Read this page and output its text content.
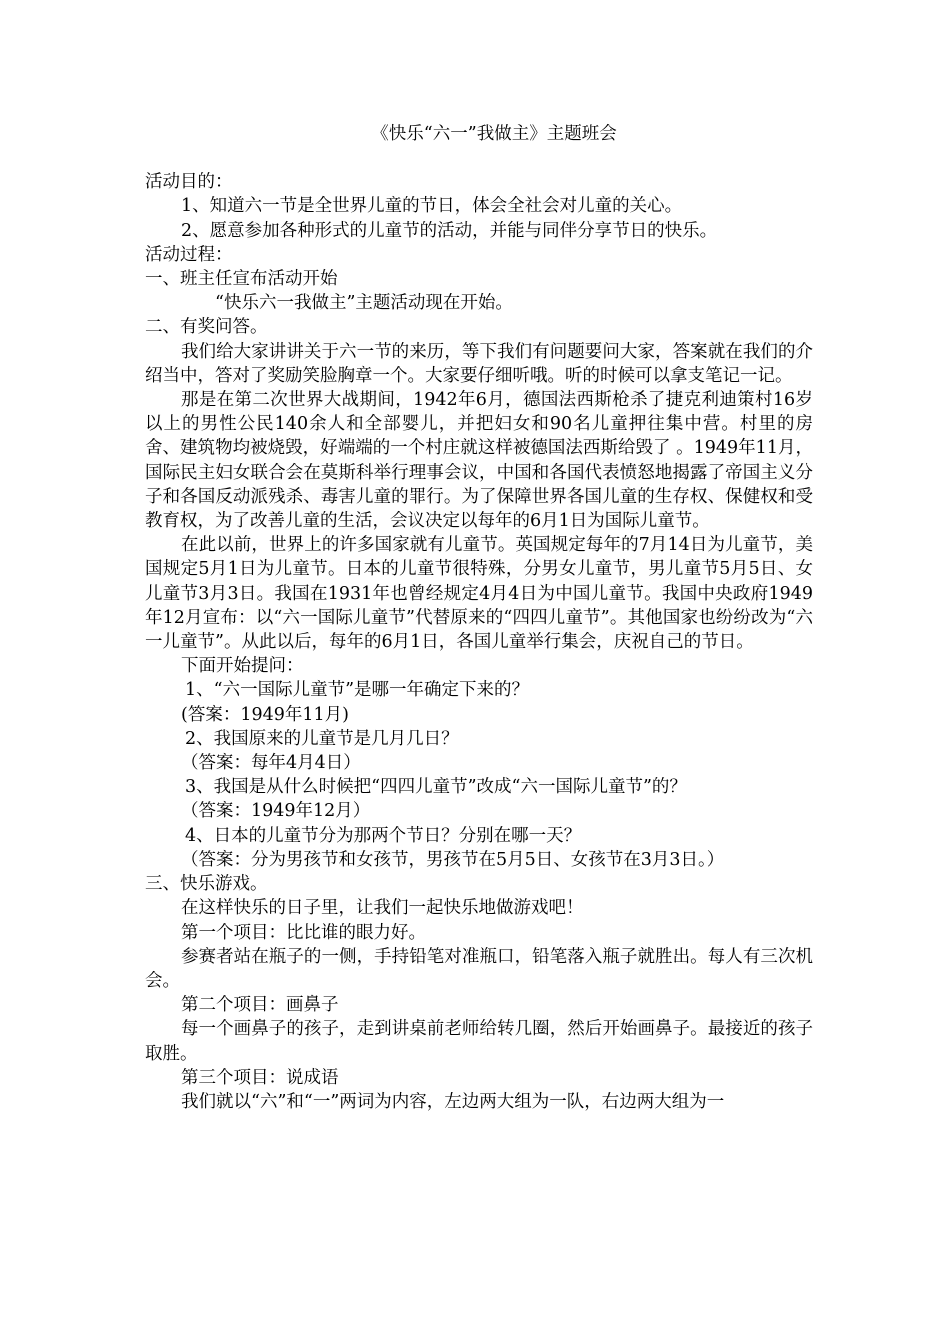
《快乐“六一”我做主》主题班会
活动目的：
1、知道六一节是全世界儿童的节日，体会全社会对儿童的关心。
2、愿意参加各种形式的儿童节的活动，并能与同伴分享节日的快乐。
活动过程：
一、班主任宣布活动开始
“快乐六一我做主”主题活动现在开始。
二、有奖问答。
我们给大家讲讲关于六一节的来历，等下我们有问题要问大家，答案就在我们的介绍当中，答对了奖励笑脸胸章一个。大家要仔细听哦。听的时候可以拿支笔记一记。
那是在第二次世界大战期间，1942年6月，德国法西斯枪杀了捷克利迪策村16岁以上的男性公民140余人和全部婴儿，并把妇女和90名儿童押往集中营。村里的房舍、建筑物均被烧毁，好端端的一个村庄就这样被德国法西斯给毁了 。1949年11月，国际民主妇女联合会在莫斯科举行理事会议，中国和各国代表愤怒地揭露了帝国主义分子和各国反动派残杀、毒害儿童的罪行。为了保障世界各国儿童的生存权、保健权和受教育权，为了改善儿童的生活，会议决定以每年的6月1日为国际儿童节。
在此以前，世界上的许多国家就有儿童节。英国规定每年的7月14日为儿童节，美国规定5月1日为儿童节。日本的儿童节很特殊，分男女儿童节，男儿童节5月5日、女儿童节3月3日。我国在1931年也曾经规定4月4日为中国儿童节。我国中央政府1949年12月宣布：以“六一国际儿童节”代替原来的“四四儿童节”。其他国家也纷纷改为“六一儿童节”。从此以后，每年的6月1日，各国儿童举行集会，庆祝自己的节日。
下面开始提问：
1、“六一国际儿童节”是哪一年确定下来的？
(答案：1949年11月)
2、我国原来的儿童节是几月几日？
（答案：每年4月4日）
3、我国是从什么时候把“四四儿童节”改成“六一国际儿童节”的？
（答案：1949年12月）
4、日本的儿童节分为那两个节日？分别在哪一天？
（答案：分为男孩节和女孩节，男孩节在5月5日、女孩节在3月3日。）
三、快乐游戏。
在这样快乐的日子里，让我们一起快乐地做游戏吧！
第一个项目：比比谁的眼力好。
参赛者站在瓶子的一侧，手持铅笔对准瓶口，铅笔落入瓶子就胜出。每人有三次机会。
第二个项目：画鼻子
每一个画鼻子的孩子，走到讲桌前老师给转几圈，然后开始画鼻子。最接近的孩子取胜。
第三个项目：说成语
我们就以“六”和“一”两词为内容，左边两大组为一队，右边两大组为一
